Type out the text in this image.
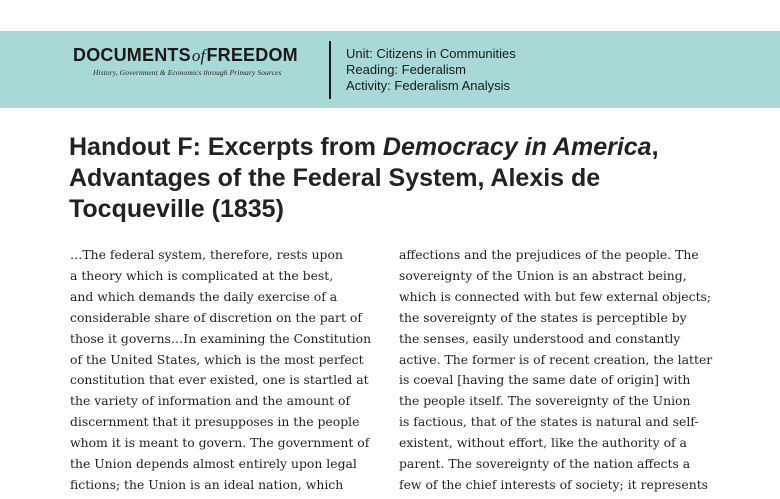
DOCUMENTSofFREEDOM
History, Government & Economics through Primary Sources
Unit: Citizens in Communities
Reading: Federalism
Activity: Federalism Analysis
Handout F: Excerpts from Democracy in America,
Advantages of the Federal System, Alexis de
Tocqueville (1835)
…The federal system, therefore, rests upon
a theory which is complicated at the best,
and which demands the daily exercise of a
considerable share of discretion on the part of
those it governs…In examining the Constitution
of the United States, which is the most perfect
constitution that ever existed, one is startled at
the variety of information and the amount of
discernment that it presupposes in the people
whom it is meant to govern. The government of
the Union depends almost entirely upon legal
fictions; the Union is an ideal nation, which
affections and the prejudices of the people. The
sovereignty of the Union is an abstract being,
which is connected with but few external objects;
the sovereignty of the states is perceptible by
the senses, easily understood and constantly
active. The former is of recent creation, the latter
is coeval [having the same date of origin] with
the people itself. The sovereignty of the Union
is factious, that of the states is natural and self-
existent, without effort, like the authority of a
parent. The sovereignty of the nation affects a
few of the chief interests of society; it represents
